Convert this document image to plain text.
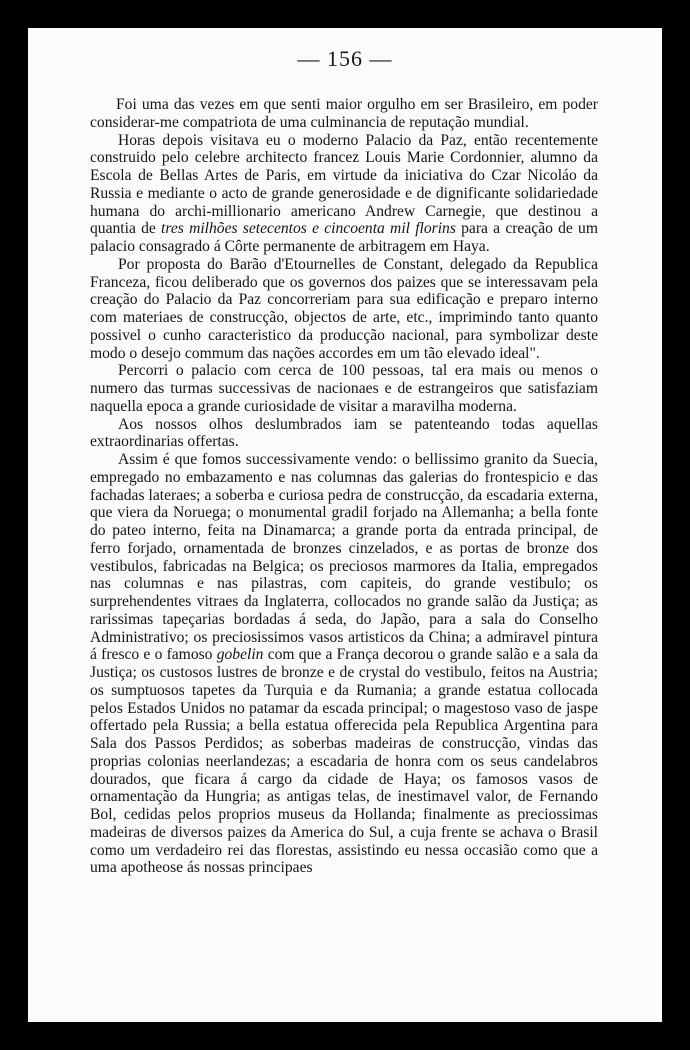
— 156 —

Foi uma das vezes em que senti maior orgulho em ser Brasileiro, em poder considerar-me compatriota de uma culminancia de reputação mundial.

Horas depois visitava eu o moderno Palacio da Paz, então recentemente construido pelo celebre architecto francez Louis Marie Cordonnier, alumno da Escola de Bellas Artes de Paris, em virtude da iniciativa do Czar Nicoláo da Russia e mediante o acto de grande generosidade e de dignificante solidariedade humana do archi-millionario americano Andrew Carnegie, que destinou a quantia de tres milhões setecentos e cincoenta mil florins para a creação de um palacio consagrado á Côrte permanente de arbitragem em Haya.

Por proposta do Barão d'Etournelles de Constant, delegado da Republica Franceza, ficou deliberado que os governos dos paizes que se interessavam pela creação do Palacio da Paz concorreriam para sua edificação e preparo interno com materiaes de construcção, objectos de arte, etc., imprimindo tanto quanto possivel o cunho caracteristico da producção nacional, para symbolizar deste modo o desejo commum das nações accordes em um tão elevado ideal".

Percorri o palacio com cerca de 100 pessoas, tal era mais ou menos o numero das turmas successivas de nacionaes e de estrangeiros que satisfaziam naquella epoca a grande curiosidade de visitar a maravilha moderna.

Aos nossos olhos deslumbrados iam se patenteando todas aquellas extraordinarias offertas.

Assim é que fomos successivamente vendo: o bellissimo granito da Suecia, empregado no embazamento e nas columnas das galerias do frontespicio e das fachadas lateraes; a soberba e curiosa pedra de construcção, da escadaria externa, que viera da Noruega; o monumental gradil forjado na Allemanha; a bella fonte do pateo interno, feita na Dinamarca; a grande porta da entrada principal, de ferro forjado, ornamentada de bronzes cinzelados, e as portas de bronze dos vestibulos, fabricadas na Belgica; os preciosos marmores da Italia, empregados nas columnas e nas pilastras, com capiteis, do grande vestibulo; os surprehendentes vitraes da Inglaterra, collocados no grande salão da Justiça; as rarissimas tapeçarias bordadas á seda, do Japão, para a sala do Conselho Administrativo; os preciosissimos vasos artisticos da China; a admiravel pintura á fresco e o famoso gobelin com que a França decorou o grande salão e a sala da Justiça; os custosos lustres de bronze e de crystal do vestibulo, feitos na Austria; os sumptuosos tapetes da Turquia e da Rumania; a grande estatua collocada pelos Estados Unidos no patamar da escada principal; o magestoso vaso de jaspe offertado pela Russia; a bella estatua offerecida pela Republica Argentina para Sala dos Passos Perdidos; as soberbas madeiras de construcção, vindas das proprias colonias neerlandezas; a escadaria de honra com os seus candelabros dourados, que ficara á cargo da cidade de Haya; os famosos vasos de ornamentação da Hungria; as antigas telas, de inestimavel valor, de Fernando Bol, cedidas pelos proprios museus da Hollanda; finalmente as preciossimas madeiras de diversos paizes da America do Sul, a cuja frente se achava o Brasil como um verdadeiro rei das florestas, assistindo eu nessa occasião como que a uma apotheose ás nossas principaes
